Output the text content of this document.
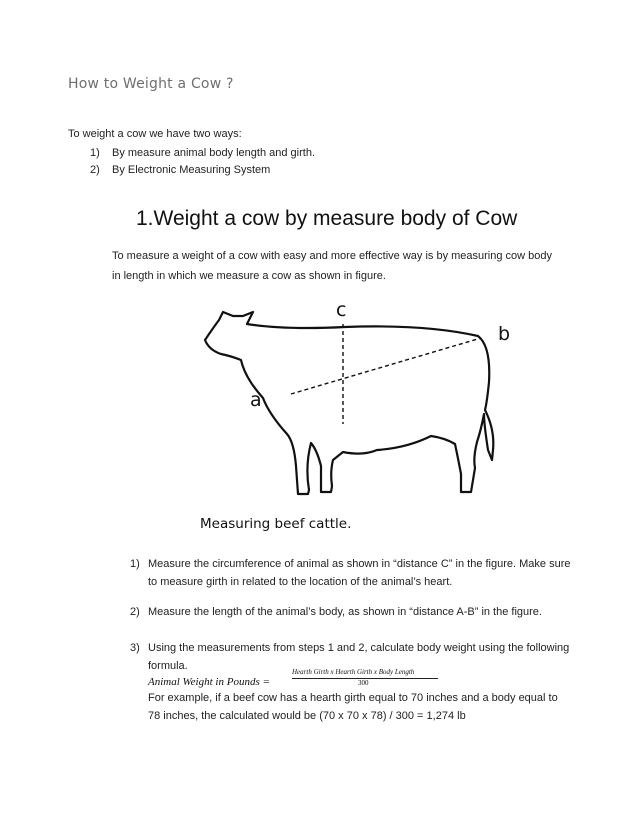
How to Weight a Cow ?
To weight a cow we have two ways:
1) By measure animal body length and girth.
2) By Electronic Measuring System
1.Weight a cow by measure body of Cow
To measure a weight of a cow with easy and more effective way is by measuring cow body in length in which we measure a cow as shown in figure.
c
b
a
Measuring beef cattle.
1) Measure the circumference of animal as shown in “distance C” in the figure. Make sure to measure girth in related to the location of the animal’s heart.
2) Measure the length of the animal’s body, as shown in “distance A-B” in the figure.
3) Using the measurements from steps 1 and 2, calculate body weight using the following formula.
Animal Weight in Pounds =
Hearth Girth x Hearth Girth x Body Length
300
For example, if a beef cow has a hearth girth equal to 70 inches and a body equal to 78 inches, the calculated would be (70 x 70 x 78) / 300 = 1,274 lb
